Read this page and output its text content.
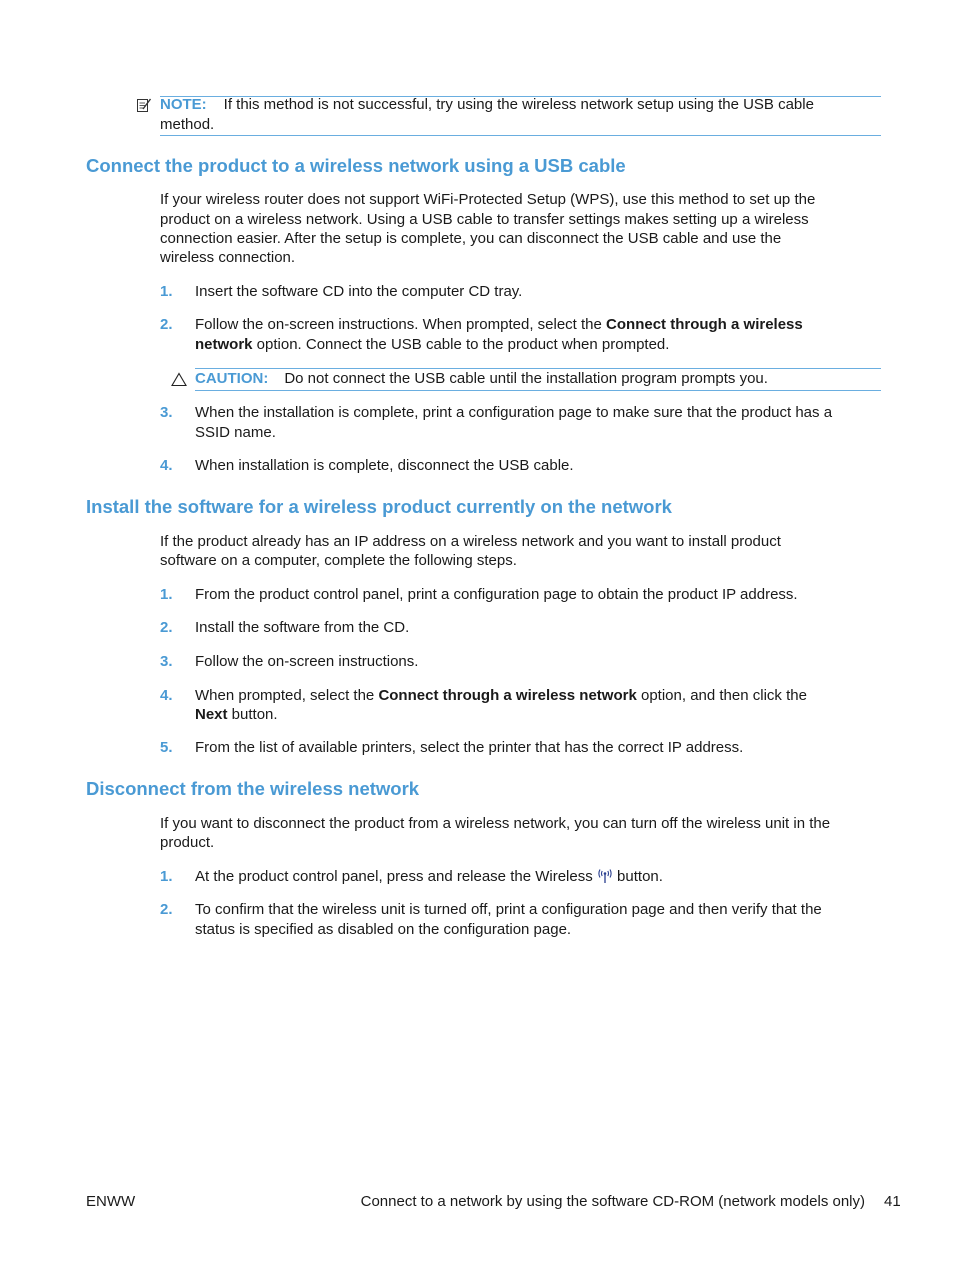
NOTE: If this method is not successful, try using the wireless network setup using the USB cable
method.
Connect the product to a wireless network using a USB cable
If your wireless router does not support WiFi-Protected Setup (WPS), use this method to set up the
product on a wireless network. Using a USB cable to transfer settings makes setting up a wireless
connection easier. After the setup is complete, you can disconnect the USB cable and use the
wireless connection.
1. Insert the software CD into the computer CD tray.
2. Follow the on-screen instructions. When prompted, select the Connect through a wireless
network option. Connect the USB cable to the product when prompted.
CAUTION: Do not connect the USB cable until the installation program prompts you.
3. When the installation is complete, print a configuration page to make sure that the product has a
SSID name.
4. When installation is complete, disconnect the USB cable.
Install the software for a wireless product currently on the network
If the product already has an IP address on a wireless network and you want to install product
software on a computer, complete the following steps.
1. From the product control panel, print a configuration page to obtain the product IP address.
2. Install the software from the CD.
3. Follow the on-screen instructions.
4. When prompted, select the Connect through a wireless network option, and then click the
Next button.
5. From the list of available printers, select the printer that has the correct IP address.
Disconnect from the wireless network
If you want to disconnect the product from a wireless network, you can turn off the wireless unit in the
product.
1. At the product control panel, press and release the Wireless  button.
2. To confirm that the wireless unit is turned off, print a configuration page and then verify that the
status is specified as disabled on the configuration page.
ENWW	Connect to a network by using the software CD-ROM (network models only) 41
